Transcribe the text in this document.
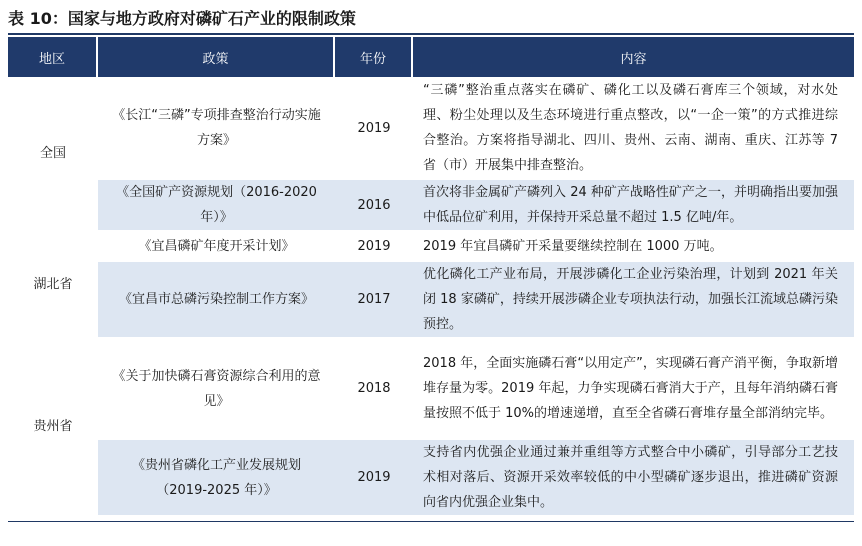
表 10：国家与地方政府对磷矿石产业的限制政策
地区	政策	年份	内容
全国	《长江“三磷”专项排查整治行动实施方案》	2019	“三磷”整治重点落实在磷矿、磷化工以及磷石膏库三个领域，对水处理、粉尘处理以及生态环境进行重点整改，以“一企一策”的方式推进综合整治。方案将指导湖北、四川、贵州、云南、湖南、重庆、江苏等 7 省（市）开展集中排查整治。
	《全国矿产资源规划（2016-2020年）》	2016	首次将非金属矿产磷列入 24 种矿产战略性矿产之一，并明确指出要加强中低品位矿利用，并保持开采总量不超过 1.5 亿吨/年。
湖北省	《宜昌磷矿年度开采计划》	2019	2019 年宜昌磷矿开采量要继续控制在 1000 万吨。
	《宜昌市总磷污染控制工作方案》	2017	优化磷化工产业布局，开展涉磷化工企业污染治理，计划到 2021 年关闭 18 家磷矿，持续开展涉磷企业专项执法行动，加强长江流域总磷污染预控。
贵州省	《关于加快磷石膏资源综合利用的意见》	2018	2018 年，全面实施磷石膏“以用定产”，实现磷石膏产消平衡，争取新增堆存量为零。2019 年起，力争实现磷石膏消大于产，且每年消纳磷石膏量按照不低于 10%的增速递增，直至全省磷石膏堆存量全部消纳完毕。
	《贵州省磷化工产业发展规划（2019-2025 年）》	2019	支持省内优强企业通过兼并重组等方式整合中小磷矿，引导部分工艺技术相对落后、资源开采效率较低的中小型磷矿逐步退出，推进磷矿资源向省内优强企业集中。
